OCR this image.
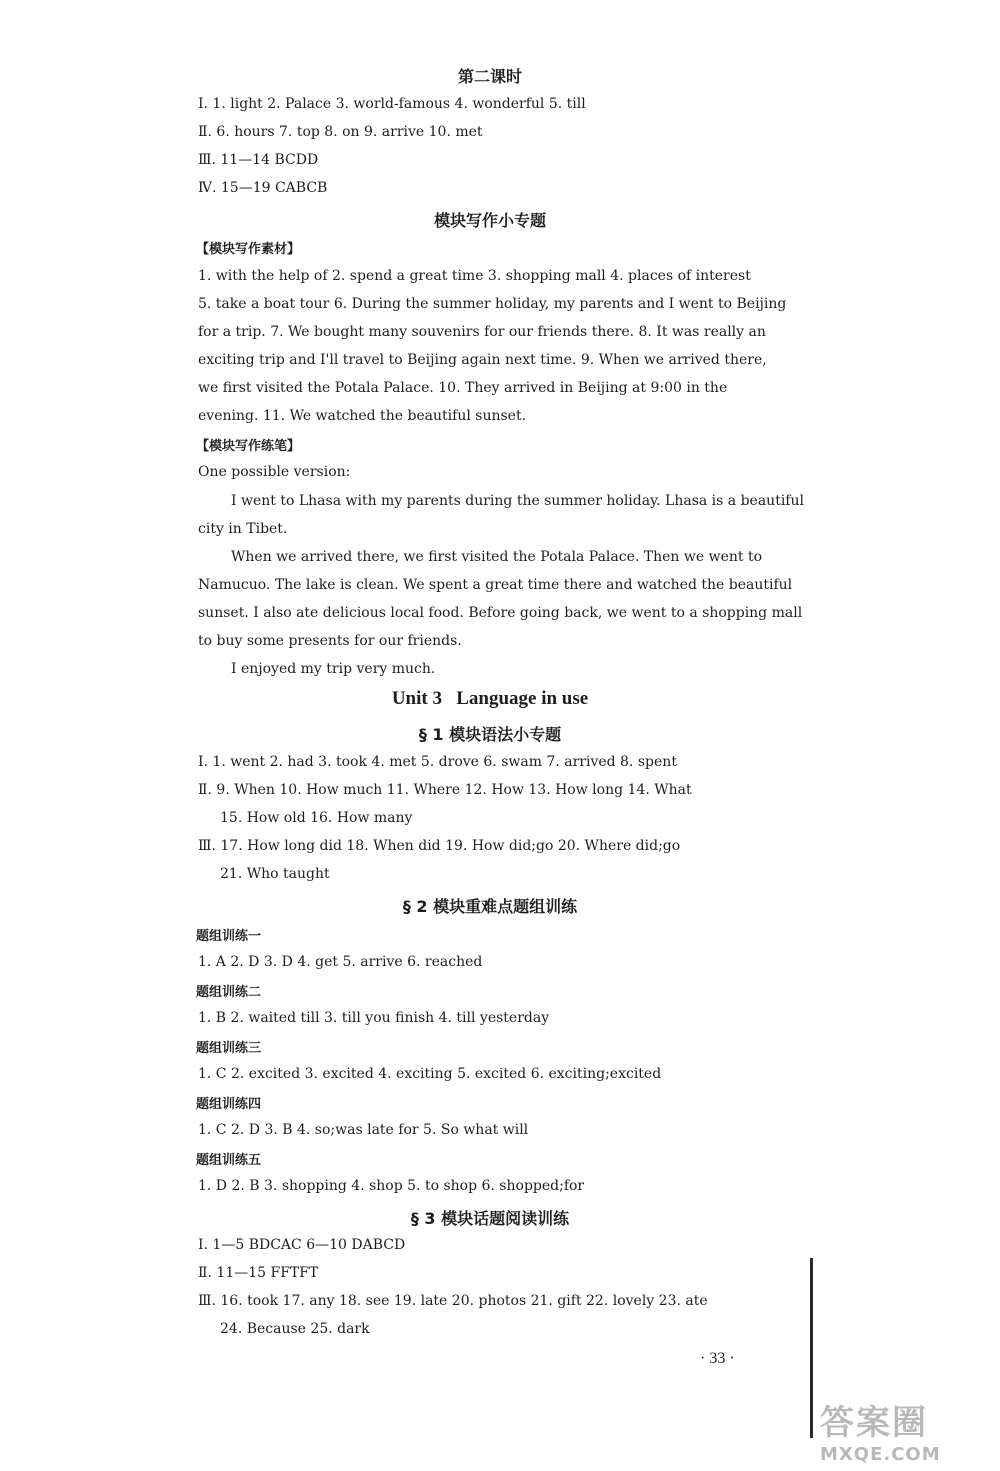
第二课时
Ⅰ. 1. light 2. Palace 3. world-famous 4. wonderful 5. till
Ⅱ. 6. hours 7. top 8. on 9. arrive 10. met
Ⅲ. 11—14 BCDD
Ⅳ. 15—19 CABCB
模块写作小专题
【模块写作素材】
1. with the help of 2. spend a great time 3. shopping mall 4. places of interest
5. take a boat tour 6. During the summer holiday, my parents and I went to Beijing
for a trip. 7. We bought many souvenirs for our friends there. 8. It was really an
exciting trip and I'll travel to Beijing again next time. 9. When we arrived there,
we first visited the Potala Palace. 10. They arrived in Beijing at 9:00 in the
evening. 11. We watched the beautiful sunset.
【模块写作练笔】
One possible version:
I went to Lhasa with my parents during the summer holiday. Lhasa is a beautiful
city in Tibet.
When we arrived there, we first visited the Potala Palace. Then we went to
Namucuo. The lake is clean. We spent a great time there and watched the beautiful
sunset. I also ate delicious local food. Before going back, we went to a shopping mall
to buy some presents for our friends.
I enjoyed my trip very much.
Unit 3   Language in use
§ 1 模块语法小专题
Ⅰ. 1. went 2. had 3. took 4. met 5. drove 6. swam 7. arrived 8. spent
Ⅱ. 9. When 10. How much 11. Where 12. How 13. How long 14. What
15. How old 16. How many
Ⅲ. 17. How long did 18. When did 19. How did;go 20. Where did;go
21. Who taught
§ 2 模块重难点题组训练
题组训练一
1. A 2. D 3. D 4. get 5. arrive 6. reached
题组训练二
1. B 2. waited till 3. till you finish 4. till yesterday
题组训练三
1. C 2. excited 3. excited 4. exciting 5. excited 6. exciting;excited
题组训练四
1. C 2. D 3. B 4. so;was late for 5. So what will
题组训练五
1. D 2. B 3. shopping 4. shop 5. to shop 6. shopped;for
§ 3 模块话题阅读训练
Ⅰ. 1—5 BDCAC 6—10 DABCD
Ⅱ. 11—15 FFTFT
Ⅲ. 16. took 17. any 18. see 19. late 20. photos 21. gift 22. lovely 23. ate
24. Because 25. dark
· 33 ·
答案圈
MXQE.COM
